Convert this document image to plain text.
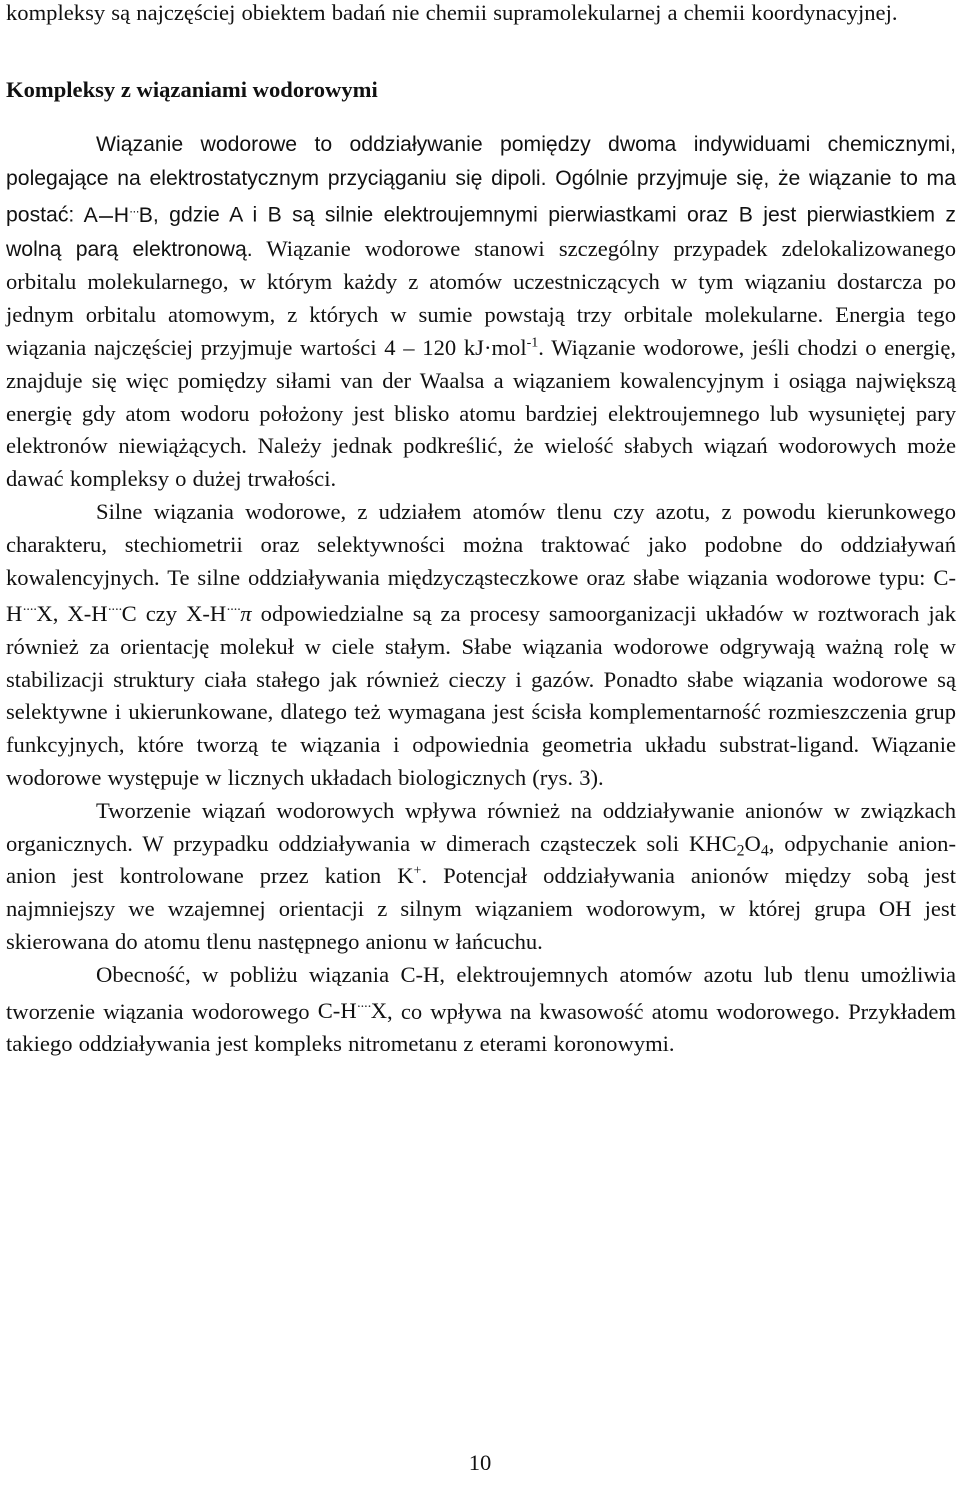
kompleksy są najczęściej obiektem badań nie chemii supramolekularnej a chemii koordynacyjnej.

Kompleksy z wiązaniami wodorowymi

Wiązanie wodorowe to oddziaływanie pomiędzy dwoma indywiduami chemicznymi, polegające na elektrostatycznym przyciąganiu się dipoli. Ogólnie przyjmuje się, że wiązanie to ma postać: A H···B, gdzie A i B są silnie elektroujemnymi pierwiastkami oraz B jest pierwiastkiem z wolną parą elektronową. Wiązanie wodorowe stanowi szczególny przypadek zdelokalizowanego orbitalu molekularnego, w którym każdy z atomów uczestniczących w tym wiązaniu dostarcza po jednym orbitalu atomowym, z których w sumie powstają trzy orbitale molekularne. Energia tego wiązania najczęściej przyjmuje wartości 4 – 120 kJ·mol$^{-1}$. Wiązanie wodorowe, jeśli chodzi o energię, znajduje się więc pomiędzy siłami van der Waalsa a wiązaniem kowalencyjnym i osiąga największą energię gdy atom wodoru położony jest blisko atomu bardziej elektroujemnego lub wysuniętej pary elektronów niewiążących. Należy jednak podkreślić, że wielość słabych wiązań wodorowych może dawać kompleksy o dużej trwałości.

Silne wiązania wodorowe, z udziałem atomów tlenu czy azotu, z powodu kierunkowego charakteru, stechiometrii oraz selektywności można traktować jako podobne do oddziaływań kowalencyjnych. Te silne oddziaływania międzycząsteczkowe oraz słabe wiązania wodorowe typu: C-H····X, X-H····C czy X-H····π odpowiedzialne są za procesy samoorganizacji układów w roztworach jak również za orientację molekuł w ciele stałym. Słabe wiązania wodorowe odgrywają ważną rolę w stabilizacji struktury ciała stałego jak również cieczy i gazów. Ponadto słabe wiązania wodorowe są selektywne i ukierunkowane, dlatego też wymagana jest ścisła komplementarność rozmieszczenia grup funkcyjnych, które tworzą te wiązania i odpowiednia geometria układu substrat-ligand. Wiązanie wodorowe występuje w licznych układach biologicznych (rys. 3).

Tworzenie wiązań wodorowych wpływa również na oddziaływanie anionów w związkach organicznych. W przypadku oddziaływania w dimerach cząsteczek soli $KHC_2O_4$, odpychanie anion-anion jest kontrolowane przez kation K+. Potencjał oddziaływania anionów między sobą jest najmniejszy we wzajemnej orientacji z silnym wiązaniem wodorowym, w której grupa OH jest skierowana do atomu tlenu następnego anionu w łańcuchu.

Obecność, w pobliżu wiązania C-H, elektroujemnych atomów azotu lub tlenu umożliwia tworzenie wiązania wodorowego C-H····X, co wpływa na kwasowość atomu wodorowego. Przykładem takiego oddziaływania jest kompleks nitrometanu z eterami koronowymi.

10
